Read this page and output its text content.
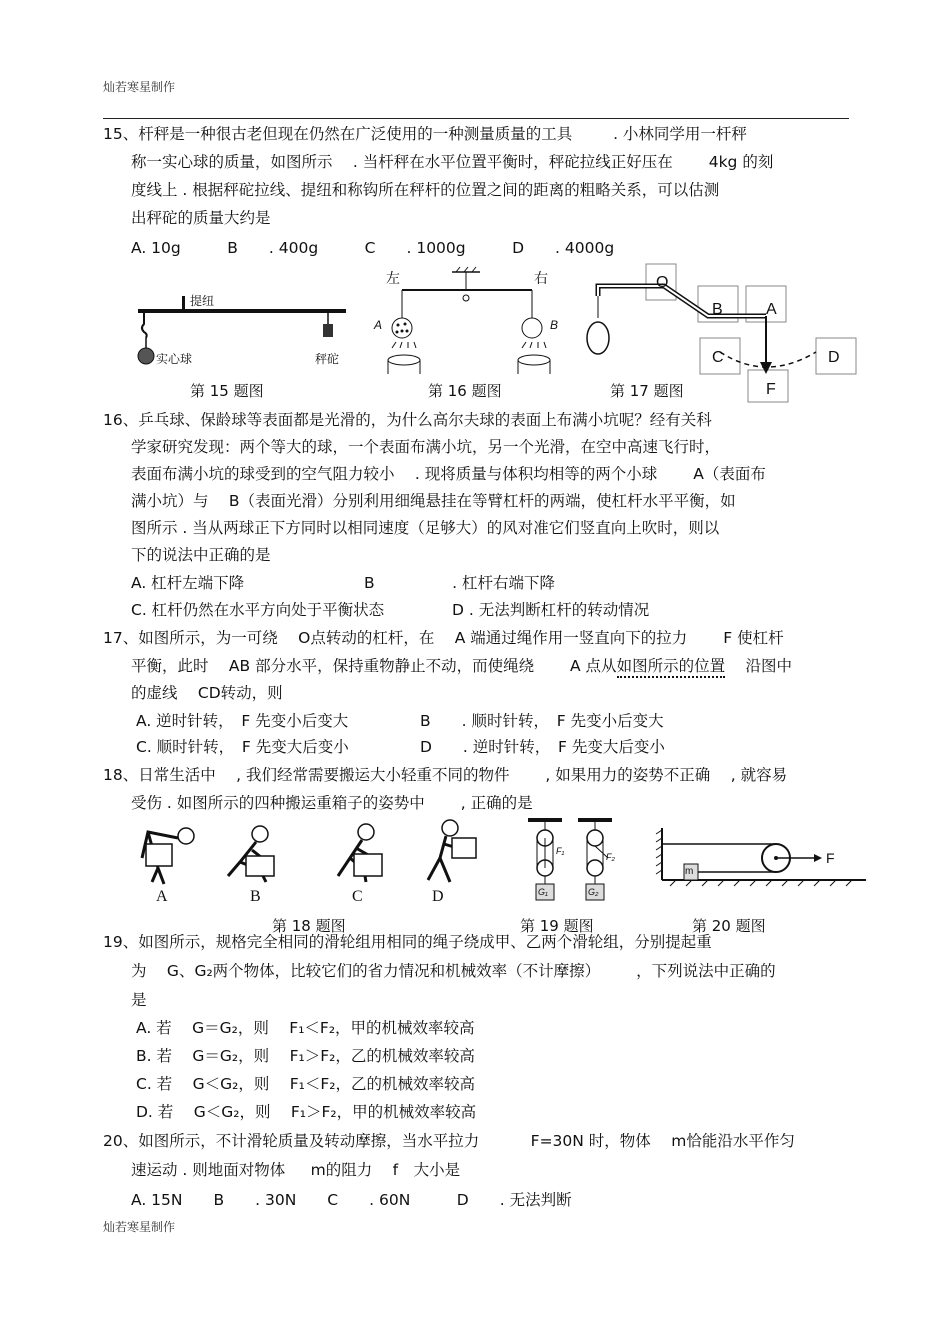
灿若寒星制作
15、杆秤是一种很古老但现在仍然在广泛使用的一种测量质量的工具 　　 . 小林同学用一杆秤
称一实心球的质量，如图所示 　. 当杆秤在水平位置平衡时，秤砣拉线正好压在 　　4kg 的刻
度线上 . 根据秤砣拉线、提纽和称钩所在秤杆的位置之间的距离的粗略关系，可以估测
出秤砣的质量大约是
A. 10g　　　B　　. 400g　　　C　　. 1000g　　　D　　. 4000g
提纽
实心球	秤砣
第 15 题图
左	右
A	B
第 16 题图
O
B	A
C	D
F
第 17 题图
16、乒乓球、保龄球等表面都是光滑的，为什么高尔夫球的表面上布满小坑呢？经有关科
学家研究发现：两个等大的球，一个表面布满小坑，另一个光滑，在空中高速飞行时，
表面布满小坑的球受到的空气阻力较小 　. 现将质量与体积均相等的两个小球 　　A（表面布
满小坑）与 　B（表面光滑）分别利用细绳悬挂在等臂杠杆的两端，使杠杆水平平衡，如
图所示 . 当从两球正下方同时以相同速度（足够大）的风对准它们竖直向上吹时，则以
下的说法中正确的是
A. 杠杆左端下降	B　　　　　. 杠杆右端下降
C. 杠杆仍然在水平方向处于平衡状态	D . 无法判断杠杆的转动情况
17、如图所示，为一可绕 　O点转动的杠杆，在 　A 端通过绳作用一竖直向下的拉力 　　F 使杠杆
平衡，此时 　AB 部分水平，保持重物静止不动，而使绳绕 　　A 点从如图所示的位置 　沿图中
的虚线 　CD转动，则
A. 逆时针转，　F 先变小后变大	B　　. 顺时针转，　F 先变小后变大
C. 顺时针转，　F 先变大后变小	D　　. 逆时针转，　F 先变大后变小
18、日常生活中 　, 我们经常需要搬运大小轻重不同的物件 　　, 如果用力的姿势不正确 　, 就容易
受伤 . 如图所示的四种搬运重箱子的姿势中 　　, 正确的是
A	B	C	D
第 18 题图
F₁
F₂
G₁	G₂
第 19 题图
m
F
第 20 题图
19、如图所示，规格完全相同的滑轮组用相同的绳子绕成甲、乙两个滑轮组，分别提起重
为 　G、G₂两个物体，比较它们的省力情况和机械效率（不计摩擦） 　　，下列说法中正确的
是
A. 若 　G＝G₂，则 　F₁＜F₂，甲的机械效率较高
B. 若 　G＝G₂，则 　F₁＞F₂，乙的机械效率较高
C. 若 　G＜G₂，则 　F₁＜F₂，乙的机械效率较高
D. 若 　G＜G₂，则 　F₁＞F₂，甲的机械效率较高
20、如图所示，不计滑轮质量及转动摩擦，当水平拉力 　　　F=30N 时，物体 　m恰能沿水平作匀
速运动 . 则地面对物体 　 m的阻力 　f　大小是
A. 15N　　B　　. 30N　　C　　. 60N　　　D　　. 无法判断
灿若寒星制作
